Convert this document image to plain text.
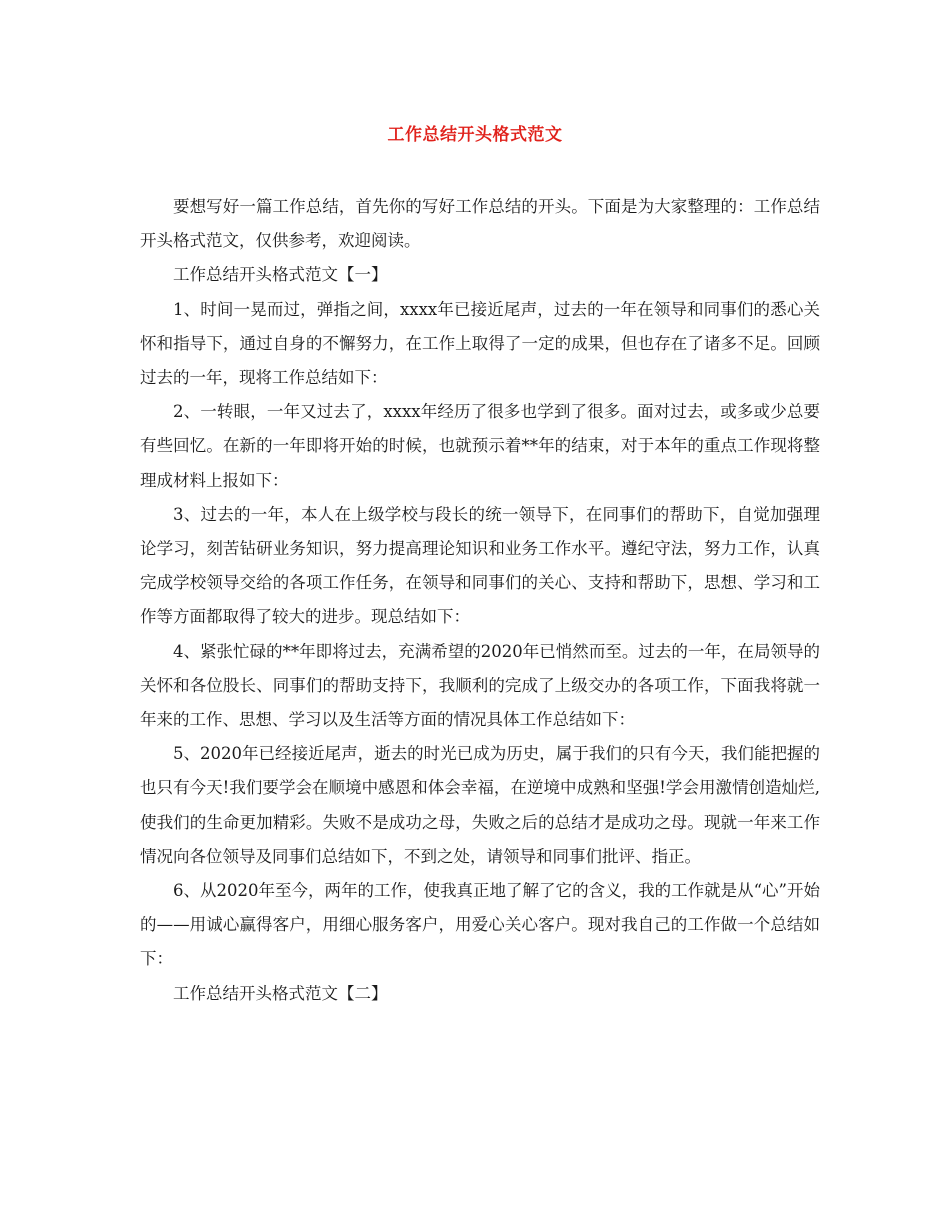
工作总结开头格式范文

要想写好一篇工作总结，首先你的写好工作总结的开头。下面是为大家整理的：工作总结开头格式范文，仅供参考，欢迎阅读。

工作总结开头格式范文【一】

1、时间一晃而过，弹指之间，xxxx年已接近尾声，过去的一年在领导和同事们的悉心关怀和指导下，通过自身的不懈努力，在工作上取得了一定的成果，但也存在了诸多不足。回顾过去的一年，现将工作总结如下：

2、一转眼，一年又过去了，xxxx年经历了很多也学到了很多。面对过去，或多或少总要有些回忆。在新的一年即将开始的时候，也就预示着**年的结束，对于本年的重点工作现将整理成材料上报如下：

3、过去的一年，本人在上级学校与段长的统一领导下，在同事们的帮助下，自觉加强理论学习，刻苦钻研业务知识，努力提高理论知识和业务工作水平。遵纪守法，努力工作，认真完成学校领导交给的各项工作任务，在领导和同事们的关心、支持和帮助下，思想、学习和工作等方面都取得了较大的进步。现总结如下：

4、紧张忙碌的**年即将过去，充满希望的2020年已悄然而至。过去的一年，在局领导的关怀和各位股长、同事们的帮助支持下，我顺利的完成了上级交办的各项工作，下面我将就一年来的工作、思想、学习以及生活等方面的情况具体工作总结如下：

5、2020年已经接近尾声，逝去的时光已成为历史，属于我们的只有今天，我们能把握的也只有今天!我们要学会在顺境中感恩和体会幸福，在逆境中成熟和坚强!学会用激情创造灿烂,使我们的生命更加精彩。失败不是成功之母，失败之后的总结才是成功之母。现就一年来工作情况向各位领导及同事们总结如下，不到之处，请领导和同事们批评、指正。

6、从2020年至今，两年的工作，使我真正地了解了它的含义，我的工作就是从“心”开始的——用诚心赢得客户，用细心服务客户，用爱心关心客户。现对我自己的工作做一个总结如下：

工作总结开头格式范文【二】
